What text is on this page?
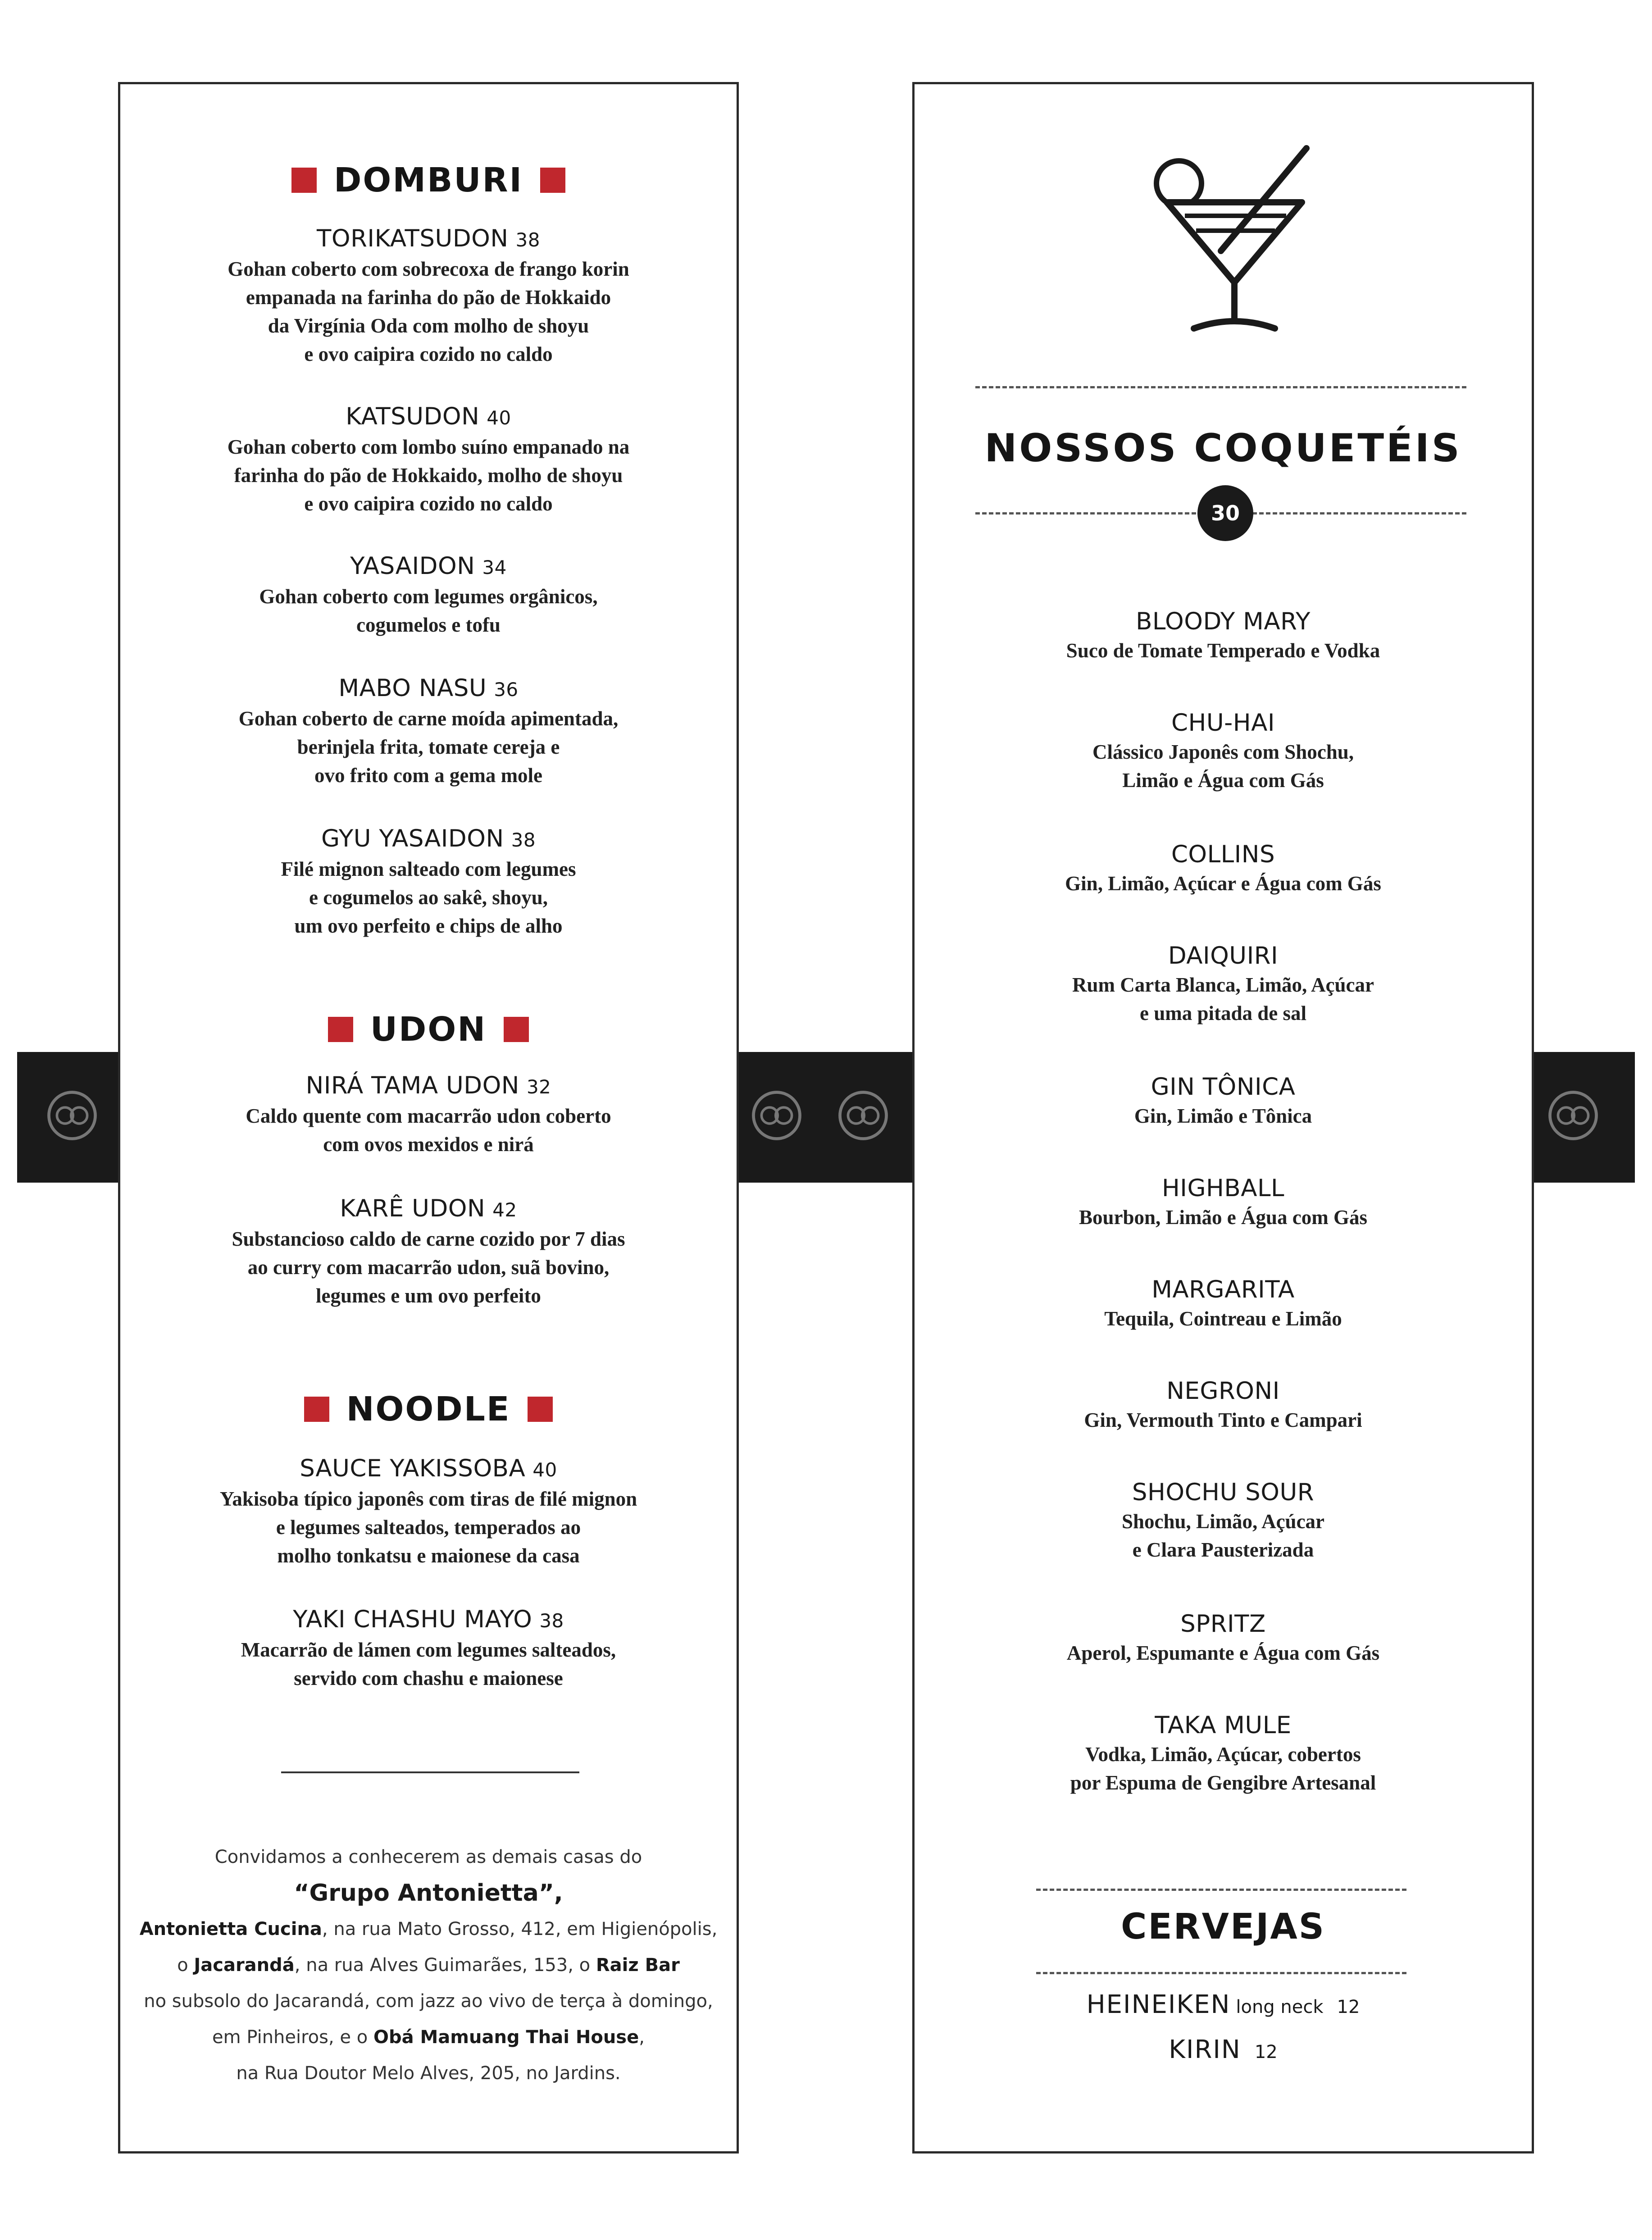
DOMBURI
TORIKATSUDON 38
Gohan coberto com sobrecoxa de frango korin
empanada na farinha do pão de Hokkaido
da Virgínia Oda com molho de shoyu
e ovo caipira cozido no caldo
KATSUDON 40
Gohan coberto com lombo suíno empanado na
farinha do pão de Hokkaido, molho de shoyu
e ovo caipira cozido no caldo
YASAIDON 34
Gohan coberto com legumes orgânicos,
cogumelos e tofu
MABO NASU 36
Gohan coberto de carne moída apimentada,
berinjela frita, tomate cereja e
ovo frito com a gema mole
GYU YASAIDON 38
Filé mignon salteado com legumes
e cogumelos ao sakê, shoyu,
um ovo perfeito e chips de alho
UDON
NIRÁ TAMA UDON 32
Caldo quente com macarrão udon coberto
com ovos mexidos e nirá
KARÊ UDON 42
Substancioso caldo de carne cozido por 7 dias
ao curry com macarrão udon, suã bovino,
legumes e um ovo perfeito
NOODLE
SAUCE YAKISSOBA 40
Yakisoba típico japonês com tiras de filé mignon
e legumes salteados, temperados ao
molho tonkatsu e maionese da casa
YAKI CHASHU MAYO 38
Macarrão de lámen com legumes salteados,
servido com chashu e maionese
Convidamos a conhecerem as demais casas do
“Grupo Antonietta”,
Antonietta Cucina, na rua Mato Grosso, 412, em Higienópolis,
o Jacarandá, na rua Alves Guimarães, 153, o Raiz Bar
no subsolo do Jacarandá, com jazz ao vivo de terça à domingo,
em Pinheiros, e o Obá Mamuang Thai House,
na Rua Doutor Melo Alves, 205, no Jardins.
NOSSOS COQUETÉIS
30
BLOODY MARY
Suco de Tomate Temperado e Vodka
CHU-HAI
Clássico Japonês com Shochu,
Limão e Água com Gás
COLLINS
Gin, Limão, Açúcar e Água com Gás
DAIQUIRI
Rum Carta Blanca, Limão, Açúcar
e uma pitada de sal
GIN TÔNICA
Gin, Limão e Tônica
HIGHBALL
Bourbon, Limão e Água com Gás
MARGARITA
Tequila, Cointreau e Limão
NEGRONI
Gin, Vermouth Tinto e Campari
SHOCHU SOUR
Shochu, Limão, Açúcar
e Clara Pausterizada
SPRITZ
Aperol, Espumante e Água com Gás
TAKA MULE
Vodka, Limão, Açúcar, cobertos
por Espuma de Gengibre Artesanal
CERVEJAS
HEINEIKEN long neck 12
KIRIN 12
